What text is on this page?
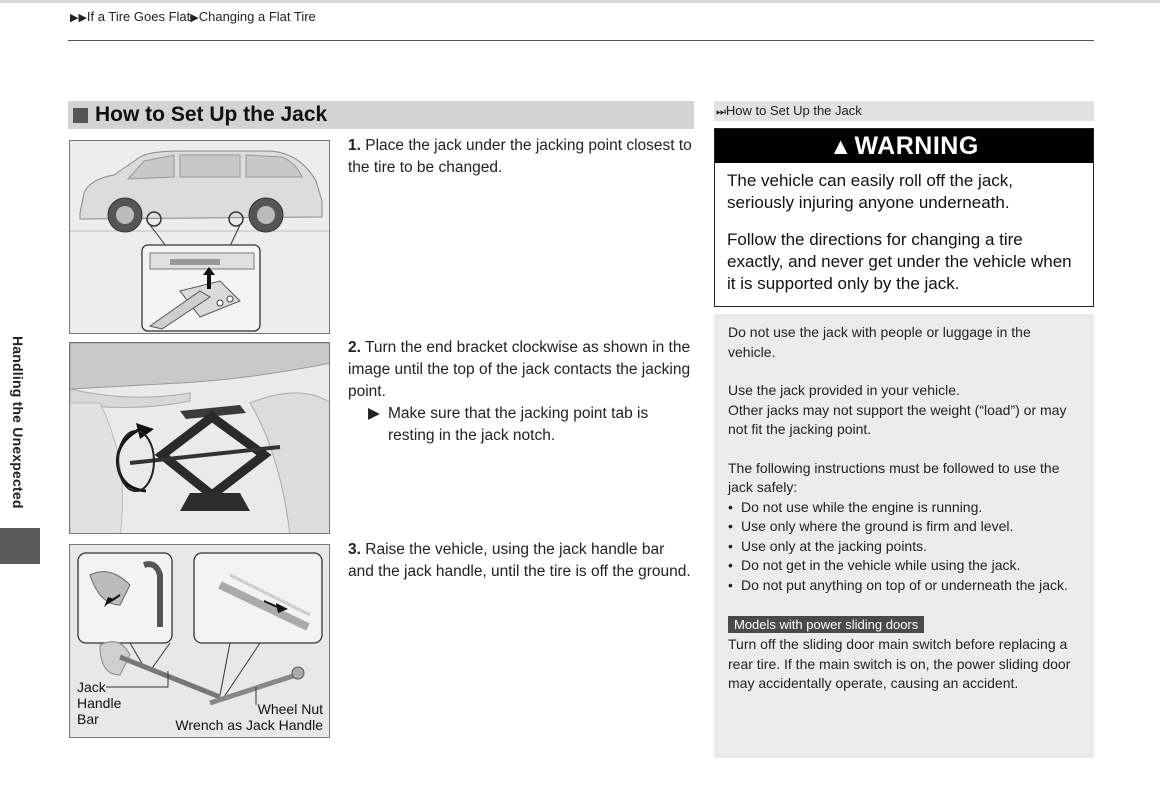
▶▶If a Tire Goes Flat▶Changing a Flat Tire
Handling the Unexpected
How to Set Up the Jack
Jack
Handle
Bar
Wheel Nut
Wrench as Jack Handle
1. Place the jack under the jacking point closest to the tire to be changed.
2. Turn the end bracket clockwise as shown in the image until the top of the jack contacts the jacking point.
▶ Make sure that the jacking point tab is resting in the jack notch.
3. Raise the vehicle, using the jack handle bar and the jack handle, until the tire is off the ground.
⏭How to Set Up the Jack
▲ WARNING
The vehicle can easily roll off the jack, seriously injuring anyone underneath.
Follow the directions for changing a tire exactly, and never get under the vehicle when it is supported only by the jack.

Do not use the jack with people or luggage in the vehicle.

Use the jack provided in your vehicle.

Other jacks may not support the weight (“load”) or may not fit the jacking point.

The following instructions must be followed to use the jack safely:
• Do not use while the engine is running.
• Use only where the ground is firm and level.
• Use only at the jacking points.
• Do not get in the vehicle while using the jack.
• Do not put anything on top of or underneath the jack.
Models with power sliding doors
Turn off the sliding door main switch before replacing a rear tire. If the main switch is on, the power sliding door may accidentally operate, causing an accident.
